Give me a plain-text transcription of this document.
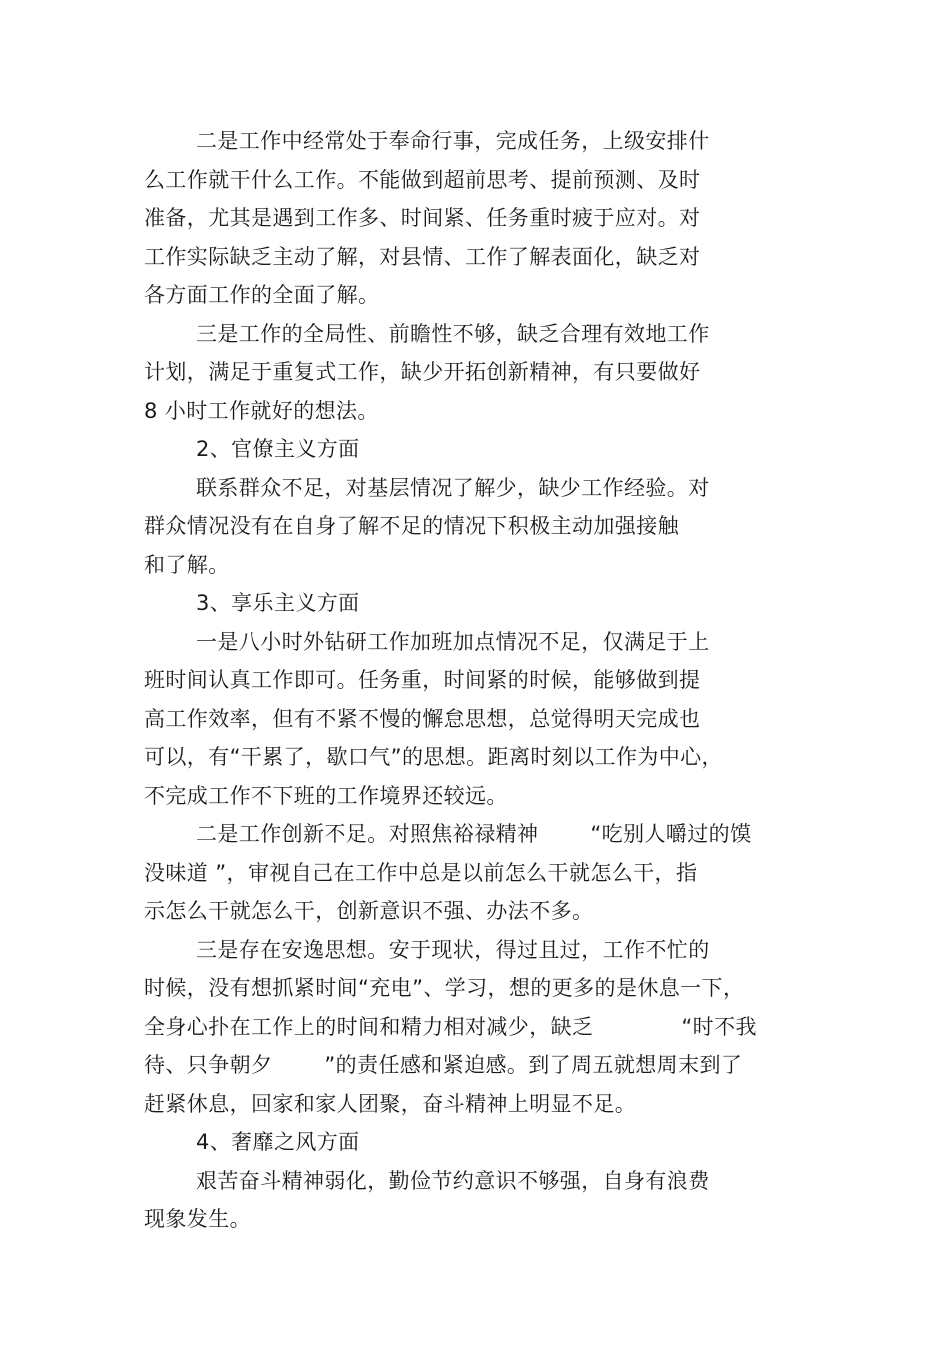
二是工作中经常处于奉命行事，完成任务，上级安排什
么工作就干什么工作。不能做到超前思考、提前预测、及时
准备，尤其是遇到工作多、时间紧、任务重时疲于应对。对
工作实际缺乏主动了解，对县情、工作了解表面化，缺乏对
各方面工作的全面了解。
三是工作的全局性、前瞻性不够，缺乏合理有效地工作
计划，满足于重复式工作，缺少开拓创新精神，有只要做好
8 小时工作就好的想法。
2、官僚主义方面
联系群众不足，对基层情况了解少，缺少工作经验。对
群众情况没有在自身了解不足的情况下积极主动加强接触
和了解。
3、享乐主义方面
一是八小时外钻研工作加班加点情况不足，仅满足于上
班时间认真工作即可。任务重，时间紧的时候，能够做到提
高工作效率，但有不紧不慢的懈怠思想，总觉得明天完成也
可以，有“干累了，歇口气”的思想。距离时刻以工作为中心，
不完成工作不下班的工作境界还较远。
二是工作创新不足。对照焦裕禄精神 “吃别人嚼过的馍
没味道 ”，审视自己在工作中总是以前怎么干就怎么干，指
示怎么干就怎么干，创新意识不强、办法不多。
三是存在安逸思想。安于现状，得过且过，工作不忙的
时候，没有想抓紧时间“充电”、学习，想的更多的是休息一下，
全身心扑在工作上的时间和精力相对减少，缺乏	“时不我
待、只争朝夕 ”的责任感和紧迫感。到了周五就想周末到了
赶紧休息，回家和家人团聚，奋斗精神上明显不足。
4、奢靡之风方面
艰苦奋斗精神弱化，勤俭节约意识不够强，自身有浪费
现象发生。
